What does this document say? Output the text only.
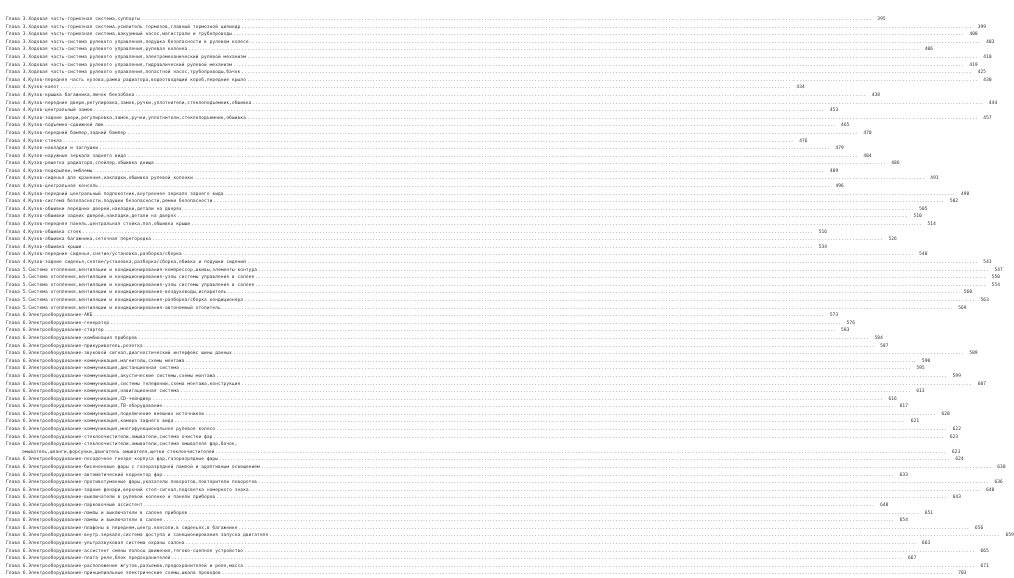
Глава 3.Ходовая часть-тормозная система,суппорты .....	395
Глава 3.Ходовая часть-тормозная система,усилитель тормозов,главный тормозной цилиндр .....	399
Глава 3.Ходовая часть-тормозная система,вакуумный насос,магистрали и трубопроводы .....	400
Глава 3.Ходовая часть-система рулевого управления,подушка безопасности в рулевом колесе .....	403
Глава 3.Ходовая часть-система рулевого управления,рулевая колонка .....	406
Глава 3.Ходовая часть-система рулевого управления,электромеханический рулевой механизм .....	410
Глава 3.Ходовая часть-система рулевого управления,гидравлический рулевой механизм .....	419
Глава 3.Ходовая часть-система рулевого управления,лопастной насос,трубопроводы,бачок .....	425
Глава 4.Кузов-передняя часть кузова,рамка радиатора,водоотводящий короб,передние крыло .....	430
Глава 4.Кузов-капот .....	434
Глава 4.Кузов-крышка багажника,лючок бензобака .....	438
Глава 4.Кузов-передние двери,регулировка,замок,ручки,уплотнители,стеклоподъемник,обшивка .....	444
Глава 4.Кузов-центральный замок .....	453
Глава 4.Кузов-задние двери,регулировка,замок,ручки,уплотнители,стеклоподъемник,обшивка .....	457
Глава 4.Кузов-подъемно-сдвижной люк .....	465
Глава 4.Кузов-передний бампер,задний бампер .....	470
Глава 4.Кузов-стекла .....	476
Глава 4.Кузов-накладки и заглушки .....	479
Глава 4.Кузов-наружные зеркала заднего вида .....	484
Глава 4.Кузов-решетка радиатора,спойлер,обшивка днища .....	486
Глава 4.Кузов-подкрылки,эмблемы .....	489
Глава 4.Кузов-сиденья для кранения,накладки,обшивка рулевой колонки .....	491
Глава 4.Кузов-центральная консоль .....	496
Глава 4.Кузов-передний центральный подлокотник,внутреннее зеркало заднего вида .....	498
Глава 4.Кузов-система безопасности,подушки безопасности,ремни безопасности .....	502
Глава 4.Кузов-обшивки передних дверей,накладки,детали на дверях .....	505
Глава 4.Кузов-обшивки задних дверей,накладки,детали на дверях .....	510
Глава 4.Кузов-передняя панель,центральная стойка,пол,обшивка крыши .....	514
Глава 4.Кузов-обшивка стоек .....	516
Глава 4.Кузов-обшивка багажника,сеточная перегородка .....	526
Глава 4.Кузов-обшивка крыши .....	534
Глава 4.Кузов-передние сиденья,снятие/установка,разборка/сборка .....	540
Глава 4.Кузов-задние сиденья,снятие/установка,разборка/сборка,обивка и подушки сидений .....	543
Глава 5.Система отопления,вентиляции и кондиционирования-компрессор,шкивы,элементы контура .....	547
Глава 5.Система отопления,вентиляции и кондиционирования-узлы системы управления в салоне .....	550
Глава 5.Система отопления,вентиляции и кондиционирования-узлы системы управления в салоне .....	554
Глава 5.Система отопления,вентиляции и кондиционирования-воздуховоды,испаритель .....	560
Глава 5.Система отопления,вентиляции и кондиционирования-разборка/сборка кондиционера .....	563
Глава 5.Система отопления,вентиляции и кондиционирования-автономный отопитель .....	569
Глава 6.Электрооборудование-АКБ .....	573
Глава 6.Электрооборудование-генератор .....	576
Глава 6.Электрооборудование-стартер .....	583
Глава 6.Электрооборудование-комбинация приборов .....	584
Глава 6.Электрооборудование-прикуриватель,розетка .....	587
Глава 6.Электрооборудование-звуковой сигнал,диагностический интерфейс шины данных .....	589
Глава 6.Электрооборудование-коммуникация,магнитолы,схемы монтажа .....	590
Глава 6.Электрооборудование-коммуникация,дистанционная система .....	595
Глава 6.Электрооборудование-коммуникация,акустические системы,схемы монтажа .....	599
Глава 6.Электрооборудование-коммуникация,системы телефонии,схема монтажа,конструкция .....	607
Глава 6.Электрооборудование-коммуникация,навигационная система .....	613
Глава 6.Электрооборудование-коммуникация,CD-чейнджер .....	616
Глава 6.Электрооборудование-коммуникация,ТВ-оборудование .....	617
Глава 6.Электрооборудование-коммуникация,подключение внешних источников .....	620
Глава 6.Электрооборудование-коммуникация,камера заднего вида .....	621
Глава 6.Электрооборудование-коммуникация,многофункциональное рулевое колесо .....	622
Глава 6.Электрооборудование-стеклоочистители,омыватели,система очистки фар .....	623
Глава 6.Электрооборудование-стеклоочистители,омыватели,система омывателя фар,бачок,
омыватель,шланги,форсунки,двигатель омывателя,щетки стеклоочистителей .....	623
Глава 6.Электрооборудование-посадочное гнездо корпуса фар,газоразрядные фары .....	624
Глава 6.Электрооборудование-бисеноновые фары с газоразрядной лампой и адаптивным освещением .....	630
Глава 6.Электрооборудование-автоматический корректор фар .....	633
Глава 6.Электрооборудование-противотуманные фары,указатели поворотов,повторители поворотов .....	636
Глава 6.Электрооборудование-задние фонари,верхний стоп-сигнал,подсветка номерного знака .....	640
Глава 6.Электрооборудование-выключатели в рулевой колонке и панели приборов .....	643
Глава 6.Электрооборудование-парковочный ассистент .....	648
Глава 6.Электрооборудование-лампы и выключатели в салоне приборов .....	651
Глава 6.Электрооборудование-лампы и выключатели в салоне .....	654
Глава 6.Электрооборудование-плафоны в переднем,центр.консоли,в сиденьях,в багажнике .....	656
Глава 6.Электрооборудование-внутр.зеркало,система доступа и санкционирования запуска двигателя .....	659
Глава 6.Электрооборудование-ультразвуковая система охраны салона .....	663
Глава 6.Электрооборудование-ассистент смены полосы движения,тягово-сцепное устройство .....	665
Глава 6.Электрооборудование-плата реле,блок предохранителей .....	667
Глава 6.Электрооборудование-расположение жгутов,разъемов,предохранителей и реле,масса .....	671
Глава 6.Электрооборудование-принципиальные электрические схемы,шкала проводов .....	703
